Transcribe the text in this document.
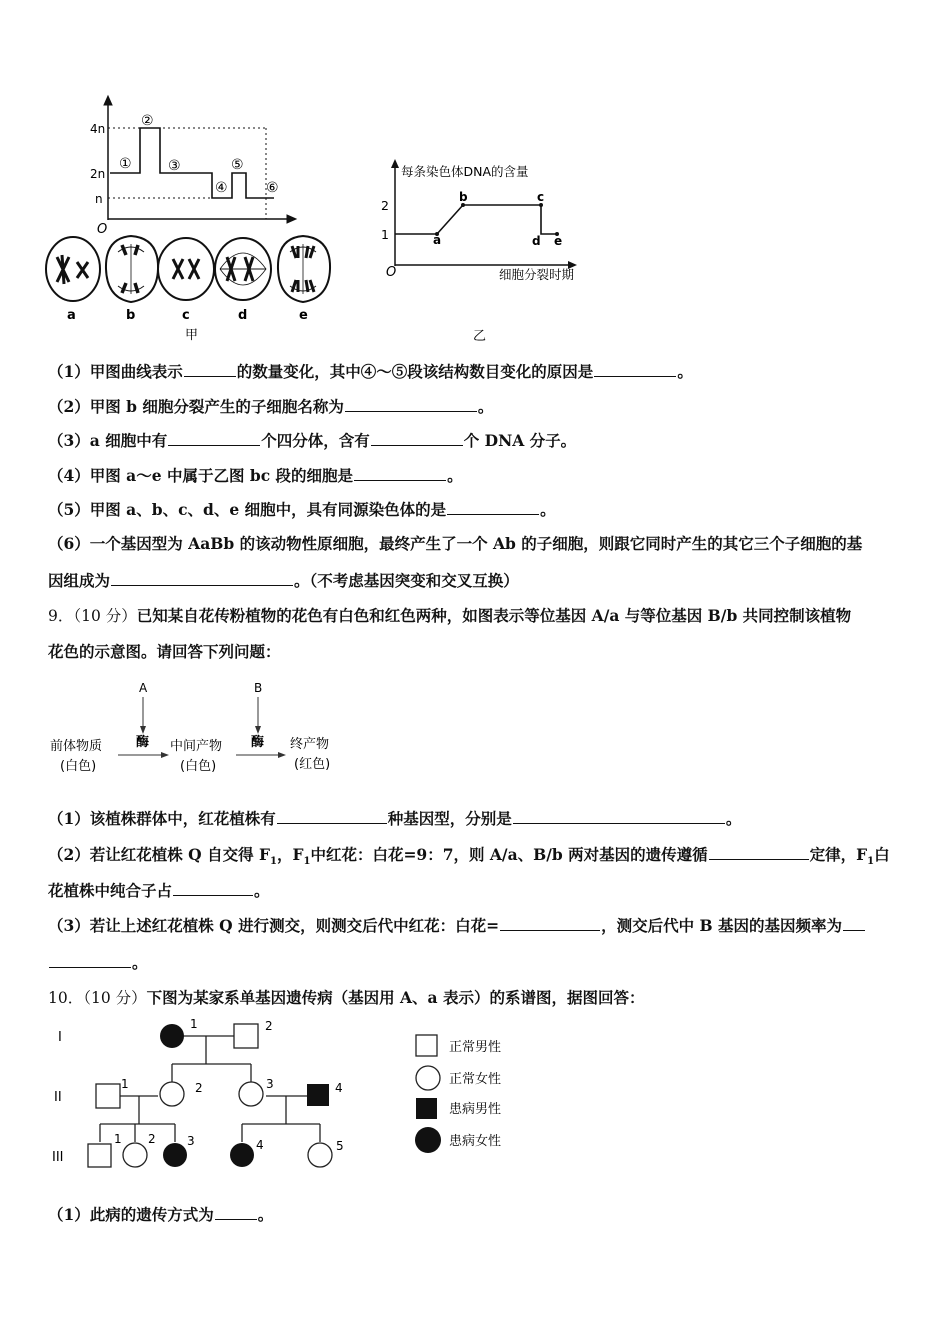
4n
2n
n
O
①
②
③
④
⑤
⑥
a	b	c	d	e
甲
每条染色体DNA的含量
2
1
O
a
b	c
d e
细胞分裂时期
乙
（1）甲图曲线表示	的数量变化，其中④～⑤段该结构数目变化的原因是	。
（2）甲图 b 细胞分裂产生的子细胞名称为	。
（3）a 细胞中有	个四分体，含有	个 DNA 分子。
（4）甲图 a～e 中属于乙图 bc 段的细胞是	。
（5）甲图 a、b、c、d、e 细胞中，具有同源染色体的是	。
（6）一个基因型为 AaBb 的该动物性原细胞，最终产生了一个 Ab 的子细胞，则跟它同时产生的其它三个子细胞的基
因组成为	。（不考虑基因突变和交叉互换）
9．（10 分）已知某自花传粉植物的花色有白色和红色两种，如图表示等位基因 A/a 与等位基因 B/b 共同控制该植物
花色的示意图。请回答下列问题：
A	B
酶	酶
前体物质
(白色)
中间产物
(白色)
终产物
(红色)
（1）该植株群体中，红花植株有	种基因型，分别是	。
（2）若让红花植株 Q 自交得 $F_1$，$F_1$中红花：白花=9：7，则 A/a、B/b 两对基因的遗传遵循	定律，$F_1$白
花植株中纯合子占	。
（3）若让上述红花植株 Q 进行测交，则测交后代中红花：白花=	，测交后代中 B 基因的基因频率为
。
10．（10 分）下图为某家系单基因遗传病（基因用 A、a 表示）的系谱图，据图回答：
I
II
III
1	2
1	2	3	4
1 2	3	4	5
正常男性
正常女性
患病男性
患病女性
（1）此病的遗传方式为	。
